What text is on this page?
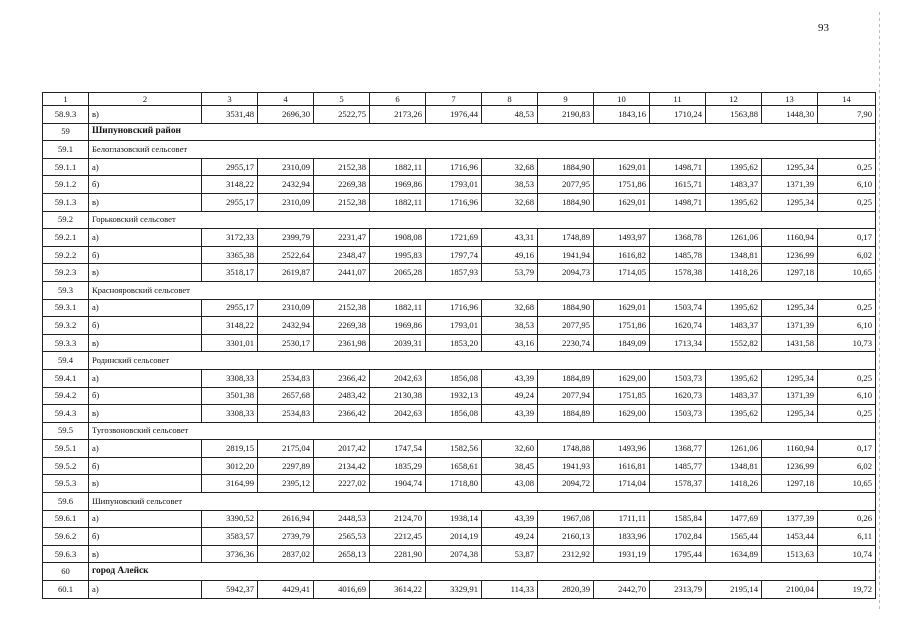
93
1	2	3	4	5	6	7	8	9	10	11	12	13	14
58.9.3	в)	3531,48	2696,30	2522,75	2173,26	1976,44	48,53	2190,83	1843,16	1710,24	1563,88	1448,30	7,90
59	Шипуновский район												
59.1	Белоглазовский сельсовет												
59.1.1	а)	2955,17	2310,09	2152,38	1882,11	1716,96	32,68	1884,90	1629,01	1498,71	1395,62	1295,34	0,25
59.1.2	б)	3148,22	2432,94	2269,38	1969,86	1793,01	38,53	2077,95	1751,86	1615,71	1483,37	1371,39	6,10
59.1.3	в)	2955,17	2310,09	2152,38	1882,11	1716,96	32,68	1884,90	1629,01	1498,71	1395,62	1295,34	0,25
59.2	Горьковский сельсовет												
59.2.1	а)	3172,33	2399,79	2231,47	1908,08	1721,69	43,31	1748,89	1493,97	1368,78	1261,06	1160,94	0,17
59.2.2	б)	3365,38	2522,64	2348,47	1995,83	1797,74	49,16	1941,94	1616,82	1485,78	1348,81	1236,99	6,02
59.2.3	в)	3518,17	2619,87	2441,07	2065,28	1857,93	53,79	2094,73	1714,05	1578,38	1418,26	1297,18	10,65
59.3	Краснояровский сельсовет												
59.3.1	а)	2955,17	2310,09	2152,38	1882,11	1716,96	32,68	1884,90	1629,01	1503,74	1395,62	1295,34	0,25
59.3.2	б)	3148,22	2432,94	2269,38	1969,86	1793,01	38,53	2077,95	1751,86	1620,74	1483,37	1371,39	6,10
59.3.3	в)	3301,01	2530,17	2361,98	2039,31	1853,20	43,16	2230,74	1849,09	1713,34	1552,82	1431,58	10,73
59.4	Родинский сельсовет												
59.4.1	а)	3308,33	2534,83	2366,42	2042,63	1856,08	43,39	1884,89	1629,00	1503,73	1395,62	1295,34	0,25
59.4.2	б)	3501,38	2657,68	2483,42	2130,38	1932,13	49,24	2077,94	1751,85	1620,73	1483,37	1371,39	6,10
59.4.3	в)	3308,33	2534,83	2366,42	2042,63	1856,08	43,39	1884,89	1629,00	1503,73	1395,62	1295,34	0,25
59.5	Тугозвоновский сельсовет												
59.5.1	а)	2819,15	2175,04	2017,42	1747,54	1582,56	32,60	1748,88	1493,96	1368,77	1261,06	1160,94	0,17
59.5.2	б)	3012,20	2297,89	2134,42	1835,29	1658,61	38,45	1941,93	1616,81	1485,77	1348,81	1236,99	6,02
59.5.3	в)	3164,99	2395,12	2227,02	1904,74	1718,80	43,08	2094,72	1714,04	1578,37	1418,26	1297,18	10,65
59.6	Шипуновский сельсовет												
59.6.1	а)	3390,52	2616,94	2448,53	2124,70	1938,14	43,39	1967,08	1711,11	1585,84	1477,69	1377,39	0,26
59.6.2	б)	3583,57	2739,79	2565,53	2212,45	2014,19	49,24	2160,13	1833,96	1702,84	1565,44	1453,44	6,11
59.6.3	в)	3736,36	2837,02	2658,13	2281,90	2074,38	53,87	2312,92	1931,19	1795,44	1634,89	1513,63	10,74
60	город Алейск												
60.1	а)	5942,37	4429,41	4016,69	3614,22	3329,91	114,33	2820,39	2442,70	2313,79	2195,14	2100,04	19,72
